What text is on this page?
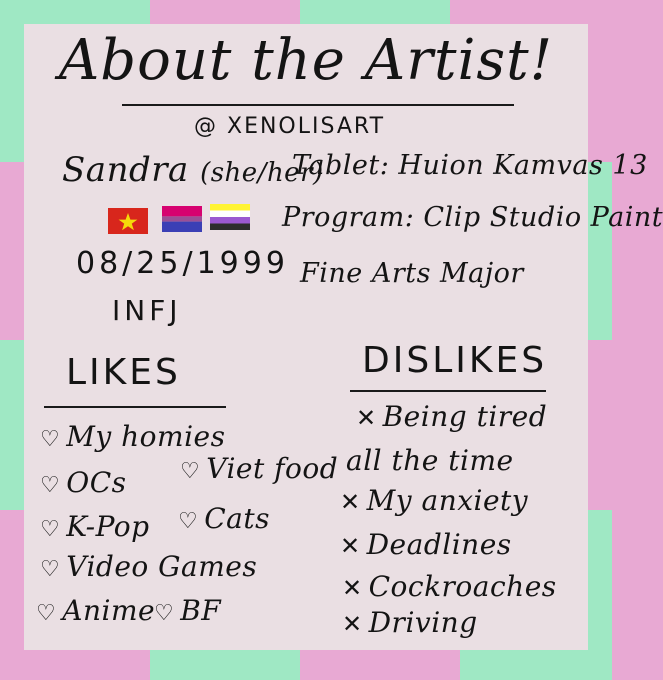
About the Artist!
@ XENOLISART
Sandra (she/her)
08/25/1999
INFJ
Tablet: Huion Kamvas 13
Program: Clip Studio Paint
Fine Arts Major
LIKES
♡ My homies
♡ OCs ♡ Viet food
♡ K-Pop ♡ Cats
♡ Video Games
♡ Anime
♡ BF
DISLIKES
✕ Being tired
all the time
✕ My anxiety
✕ Deadlines
✕ Cockroaches
✕ Driving
